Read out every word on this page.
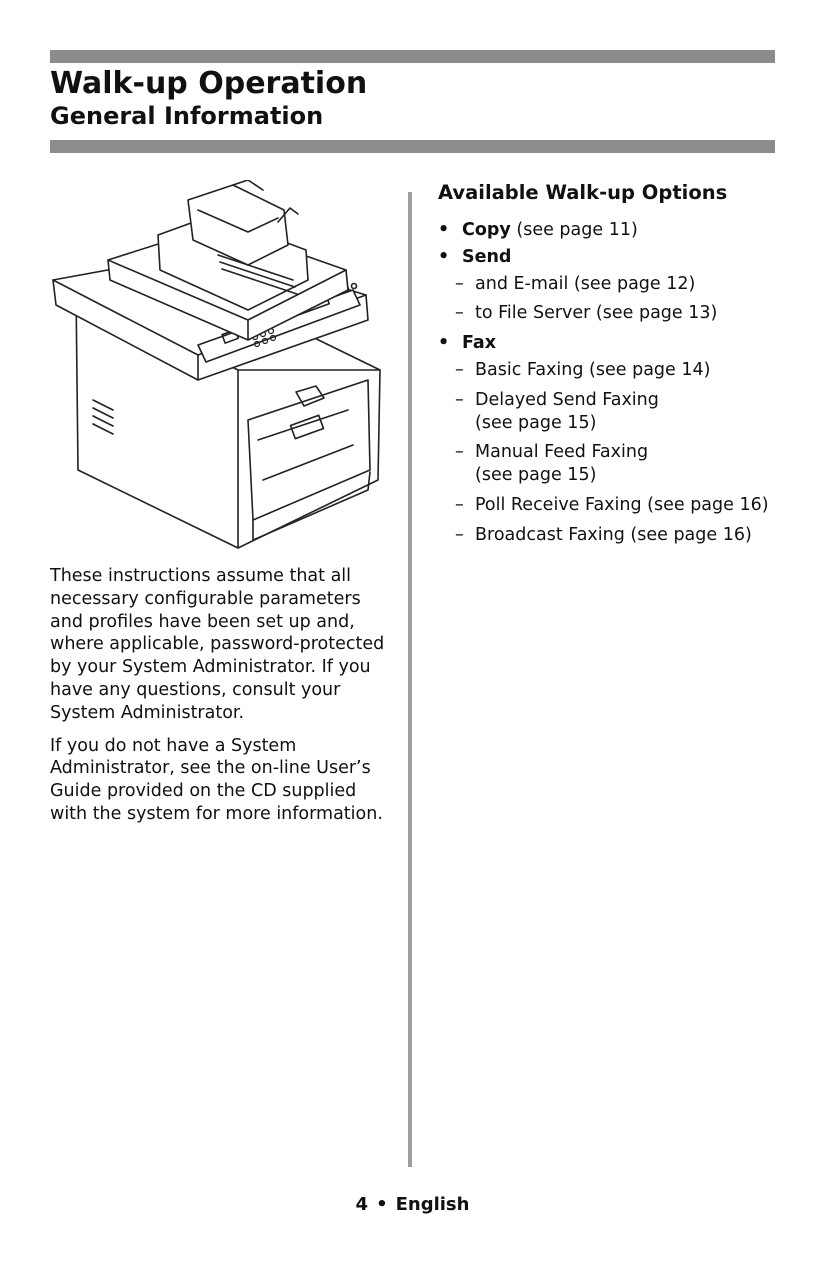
Walk-up Operation
General Information

These instructions assume that all necessary configurable parameters and profiles have been set up and, where applicable, password-protected by your System Administrator. If you have any questions, consult your System Administrator.

If you do not have a System Administrator, see the on-line User’s Guide provided on the CD supplied with the system for more information.

Available Walk-up Options
• Copy (see page 11)
• Send
– and E-mail (see page 12)
– to File Server (see page 13)
• Fax
– Basic Faxing (see page 14)
– Delayed Send Faxing (see page 15)
– Manual Feed Faxing (see page 15)
– Poll Receive Faxing (see page 16)
– Broadcast Faxing (see page 16)
4 • English
